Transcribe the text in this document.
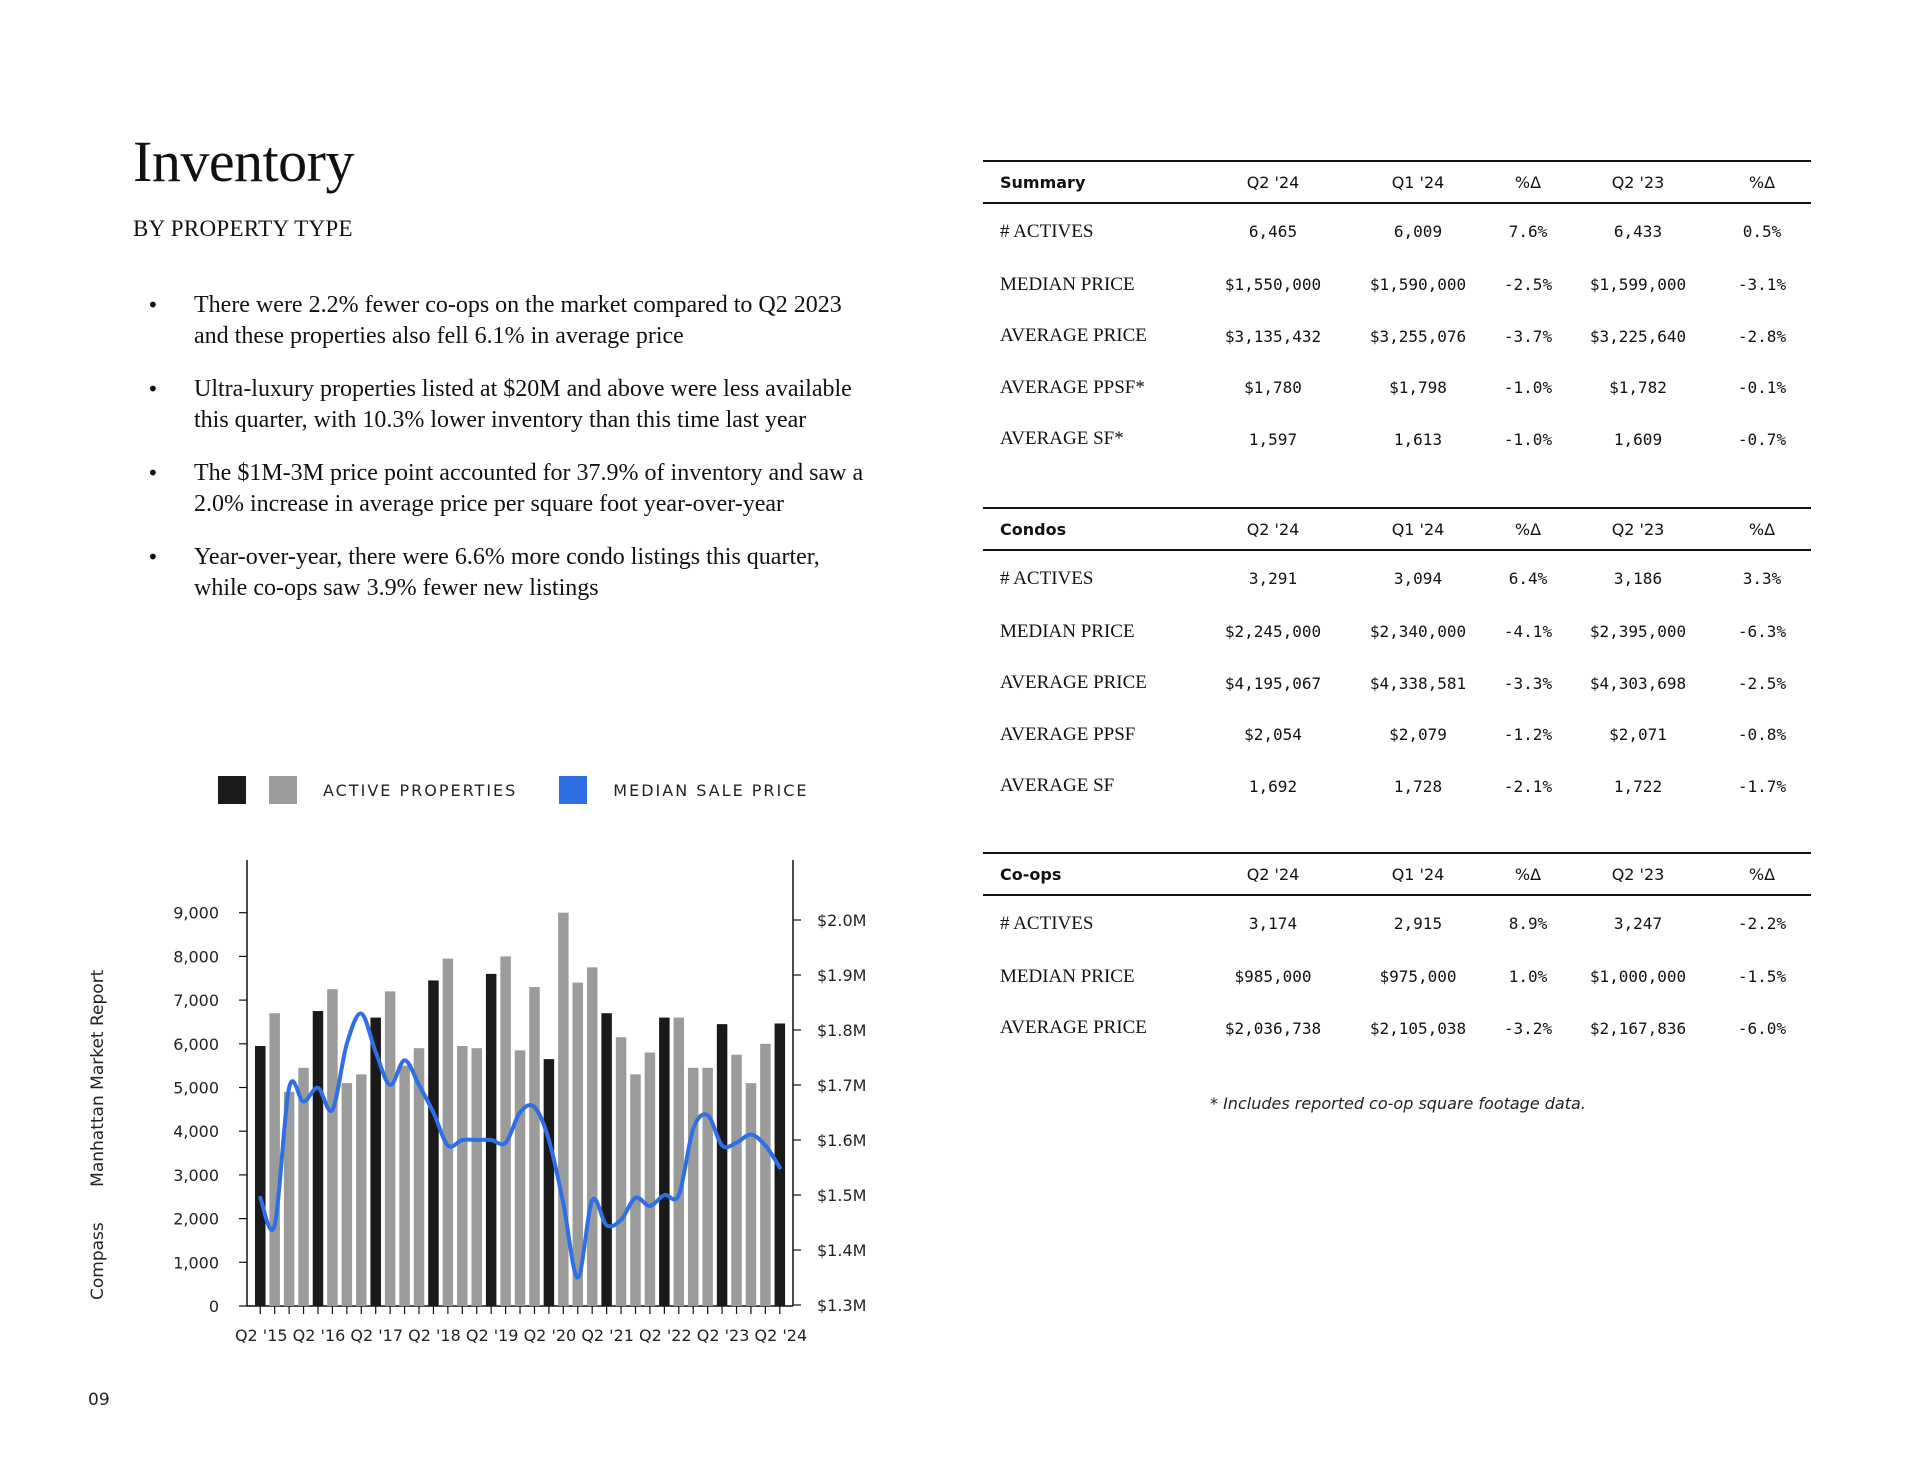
Inventory
BY PROPERTY TYPE
• There were 2.2% fewer co-ops on the market compared to Q2 2023 and these properties also fell 6.1% in average price
• Ultra-luxury properties listed at $20M and above were less available this quarter, with 10.3% lower inventory than this time last year
• The $1M-3M price point accounted for 37.9% of inventory and saw a 2.0% increase in average price per square foot year-over-year
• Year-over-year, there were 6.6% more condo listings this quarter, while co-ops saw 3.9% fewer new listings
ACTIVE PROPERTIES	MEDIAN SALE PRICE
0
1,000
2,000
3,000
4,000
5,000
6,000
7,000
8,000
9,000
$1.3M
$1.4M
$1.5M
$1.6M
$1.7M
$1.8M
$1.9M
$2.0M
Q2 '15 Q2 '16 Q2 '17 Q2 '18 Q2 '19 Q2 '20 Q2 '21 Q2 '22 Q2 '23 Q2 '24
Compass Manhattan Market Report
09
Summary	Q2 '24	Q1 '24	%Δ	Q2 '23	%Δ
# ACTIVES	6,465	6,009	7.6%	6,433	0.5%
MEDIAN PRICE	$1,550,000	$1,590,000	-2.5%	$1,599,000	-3.1%
AVERAGE PRICE	$3,135,432	$3,255,076	-3.7%	$3,225,640	-2.8%
AVERAGE PPSF*	$1,780	$1,798	-1.0%	$1,782	-0.1%
AVERAGE SF*	1,597	1,613	-1.0%	1,609	-0.7%
Condos	Q2 '24	Q1 '24	%Δ	Q2 '23	%Δ
# ACTIVES	3,291	3,094	6.4%	3,186	3.3%
MEDIAN PRICE	$2,245,000	$2,340,000	-4.1%	$2,395,000	-6.3%
AVERAGE PRICE	$4,195,067	$4,338,581	-3.3%	$4,303,698	-2.5%
AVERAGE PPSF	$2,054	$2,079	-1.2%	$2,071	-0.8%
AVERAGE SF	1,692	1,728	-2.1%	1,722	-1.7%
Co-ops	Q2 '24	Q1 '24	%Δ	Q2 '23	%Δ
# ACTIVES	3,174	2,915	8.9%	3,247	-2.2%
MEDIAN PRICE	$985,000	$975,000	1.0%	$1,000,000	-1.5%
AVERAGE PRICE	$2,036,738	$2,105,038	-3.2%	$2,167,836	-6.0%
* Includes reported co-op square footage data.
